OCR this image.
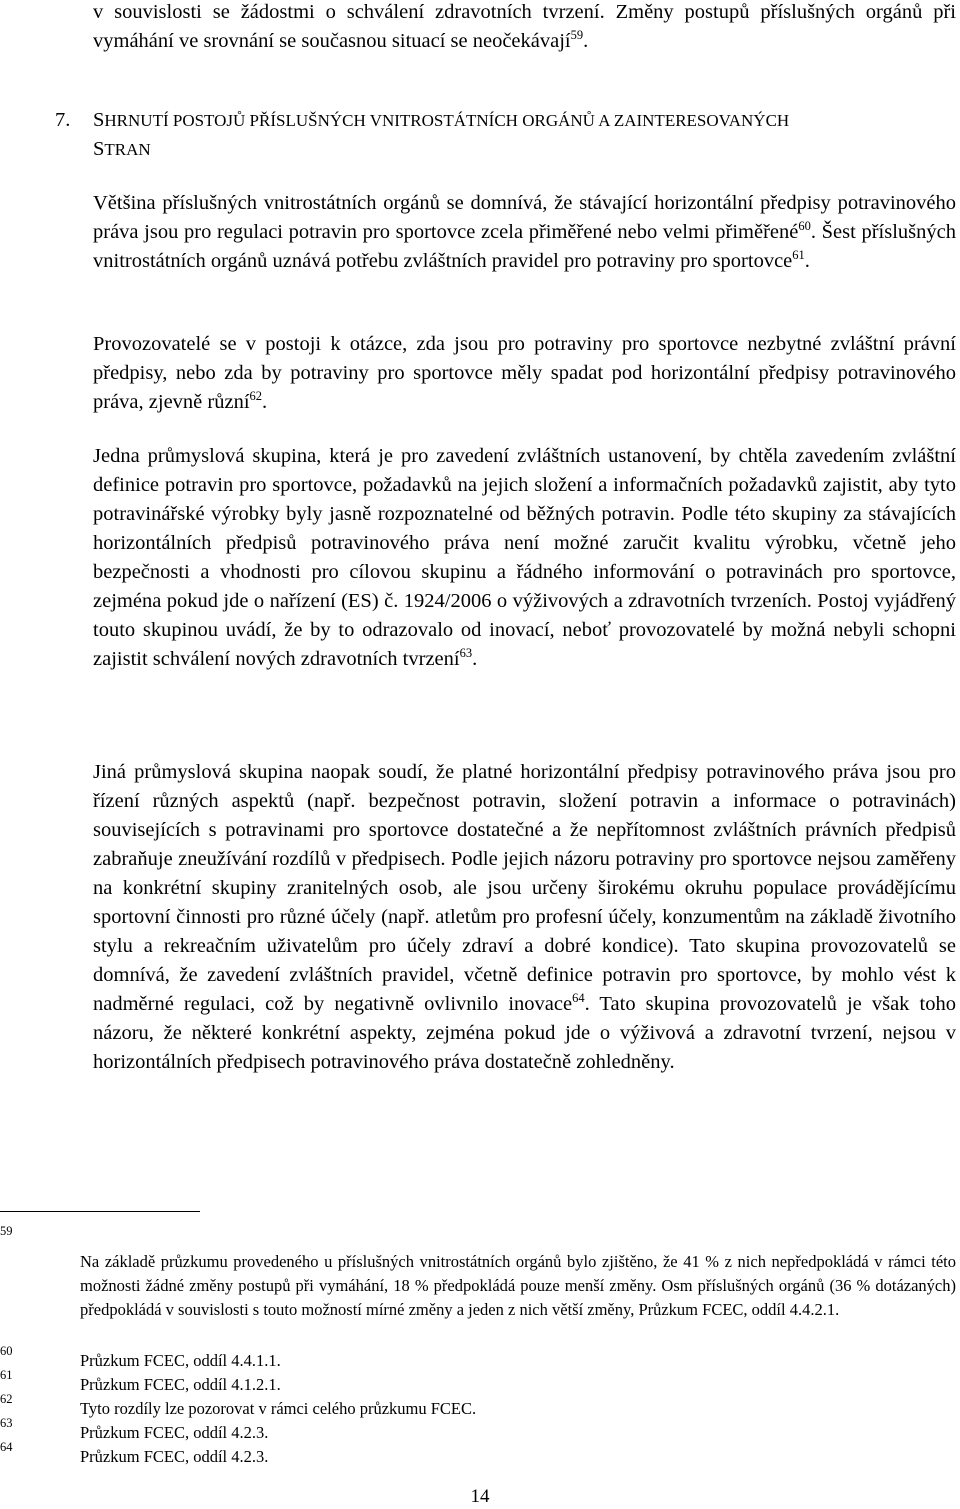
v souvislosti se žádostmi o schválení zdravotních tvrzení. Změny postupů příslušných orgánů při vymáhání ve srovnání se současnou situací se neočekávají$^{59}$.

7. SHRNUTÍ POSTOJŮ PŘÍSLUŠNÝCH VNITROSTÁTNÍCH ORGÁNŮ A ZAINTERESOVANÝCH
STRAN

Většina příslušných vnitrostátních orgánů se domnívá, že stávající horizontální předpisy potravinového práva jsou pro regulaci potravin pro sportovce zcela přiměřené nebo velmi přiměřené$^{60}$. Šest příslušných vnitrostátních orgánů uznává potřebu zvláštních pravidel pro potraviny pro sportovce$^{61}$.

Provozovatelé se v postoji k otázce, zda jsou pro potraviny pro sportovce nezbytné zvláštní právní předpisy, nebo zda by potraviny pro sportovce měly spadat pod horizontální předpisy potravinového práva, zjevně různí$^{62}$.

Jedna průmyslová skupina, která je pro zavedení zvláštních ustanovení, by chtěla zavedením zvláštní definice potravin pro sportovce, požadavků na jejich složení a informačních požadavků zajistit, aby tyto potravinářské výrobky byly jasně rozpoznatelné od běžných potravin. Podle této skupiny za stávajících horizontálních předpisů potravinového práva není možné zaručit kvalitu výrobku, včetně jeho bezpečnosti a vhodnosti pro cílovou skupinu a řádného informování o potravinách pro sportovce, zejména pokud jde o nařízení (ES) č. 1924/2006 o výživových a zdravotních tvrzeních. Postoj vyjádřený touto skupinou uvádí, že by to odrazovalo od inovací, neboť provozovatelé by možná nebyli schopni zajistit schválení nových zdravotních tvrzení$^{63}$.

Jiná průmyslová skupina naopak soudí, že platné horizontální předpisy potravinového práva jsou pro řízení různých aspektů (např. bezpečnost potravin, složení potravin a informace o potravinách) souvisejících s potravinami pro sportovce dostatečné a že nepřítomnost zvláštních právních předpisů zabraňuje zneužívání rozdílů v předpisech. Podle jejich názoru potraviny pro sportovce nejsou zaměřeny na konkrétní skupiny zranitelných osob, ale jsou určeny širokému okruhu populace provádějícímu sportovní činnosti pro různé účely (např. atletům pro profesní účely, konzumentům na základě životního stylu a rekreačním uživatelům pro účely zdraví a dobré kondice). Tato skupina provozovatelů se domnívá, že zavedení zvláštních pravidel, včetně definice potravin pro sportovce, by mohlo vést k nadměrné regulaci, což by negativně ovlivnilo inovace$^{64}$. Tato skupina provozovatelů je však toho názoru, že některé konkrétní aspekty, zejména pokud jde o výživová a zdravotní tvrzení, nejsou v horizontálních předpisech potravinového práva dostatečně zohledněny.

59

Na základě průzkumu provedeného u příslušných vnitrostátních orgánů bylo zjištěno, že 41 % z nich nepředpokládá v rámci této možnosti žádné změny postupů při vymáhání, 18 % předpokládá pouze menší změny. Osm příslušných orgánů (36 % dotázaných) předpokládá v souvislosti s touto možností mírné změny a jeden z nich větší změny, Průzkum FCEC, oddíl 4.4.2.1.

60	Průzkum FCEC, oddíl 4.4.1.1.

61	Průzkum FCEC, oddíl 4.1.2.1.

62	Tyto rozdíly lze pozorovat v rámci celého průzkumu FCEC.

63	Průzkum FCEC, oddíl 4.2.3.

64	Průzkum FCEC, oddíl 4.2.3.

14
